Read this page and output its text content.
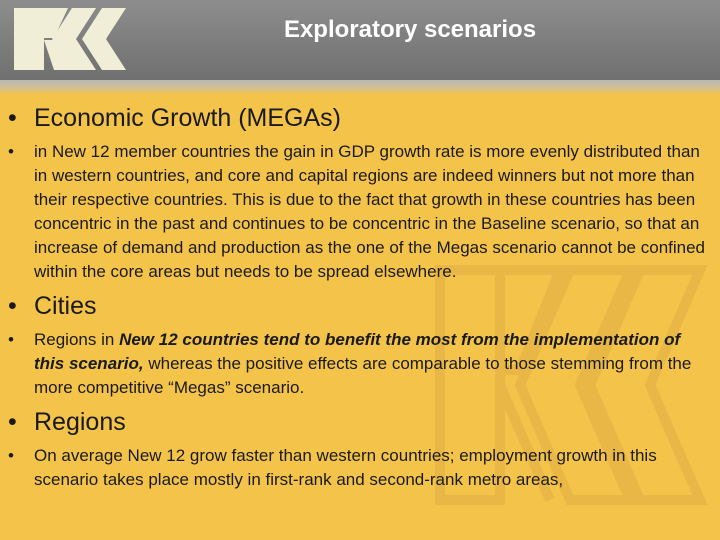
Exploratory scenarios
• Economic Growth (MEGAs)
• in New 12 member countries the gain in GDP growth rate is more evenly distributed than in western countries, and core and capital regions are indeed winners but not more than their respective countries. This is due to the fact that growth in these countries has been concentric in the past and continues to be concentric in the Baseline scenario, so that an increase of demand and production as the one of the Megas scenario cannot be confined within the core areas but needs to be spread elsewhere.
• Cities
• Regions in New 12 countries tend to benefit the most from the implementation of this scenario, whereas the positive effects are comparable to those stemming from the more competitive “Megas” scenario.
• Regions
• On average New 12 grow faster than western countries; employment growth in this scenario takes place mostly in first-rank and second-rank metro areas,
